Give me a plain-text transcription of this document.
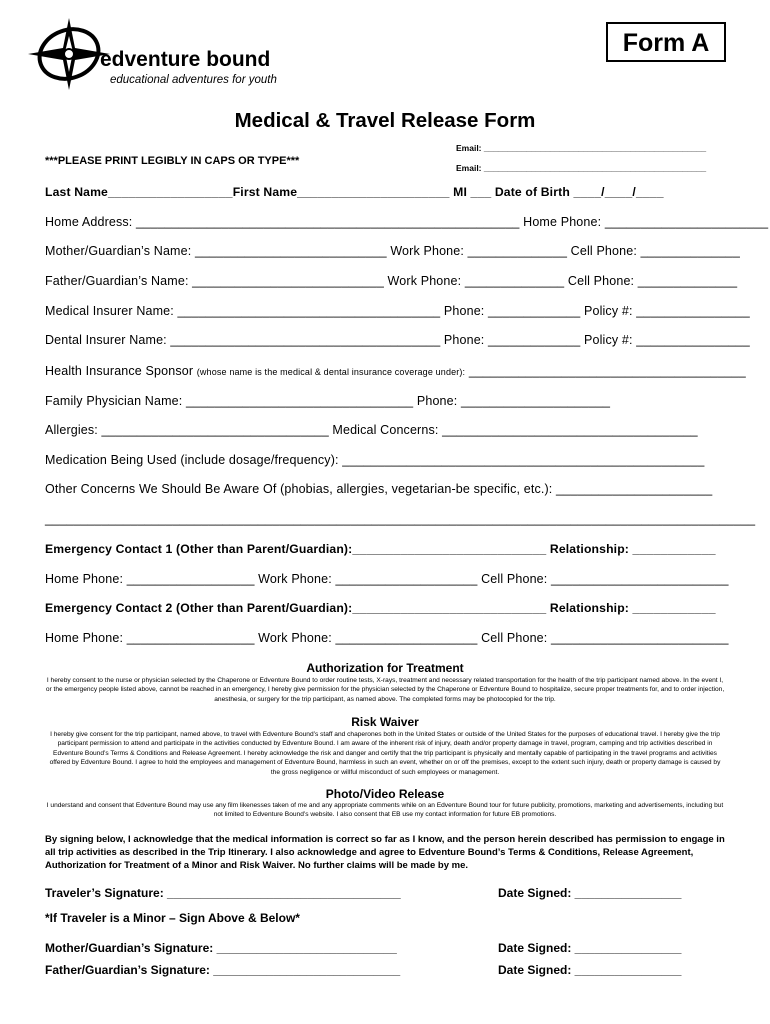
edventure bound
educational adventures for youth
Form A
Medical & Travel Release Form
Email: _______________________________________________
***PLEASE PRINT LEGIBLY IN CAPS OR TYPE***
Email: _______________________________________________
Last Name__________________First Name______________________ MI ___ Date of Birth ____/____/____
Home Address: ______________________________________________________ Home Phone: _______________________
Mother/Guardian’s Name: ___________________________ Work Phone: ______________ Cell Phone: ______________
Father/Guardian’s Name: ___________________________ Work Phone: ______________ Cell Phone: ______________
Medical Insurer Name: _____________________________________ Phone: _____________ Policy #: ________________
Dental Insurer Name: ______________________________________ Phone: _____________ Policy #: ________________
Health Insurance Sponsor (whose name is the medical & dental insurance coverage under): _______________________________________
Family Physician Name: ________________________________ Phone: _____________________
Allergies: ________________________________ Medical Concerns: ____________________________________
Medication Being Used (include dosage/frequency): ___________________________________________________
Other Concerns We Should Be Aware Of (phobias, allergies, vegetarian-be specific, etc.): ______________________
____________________________________________________________________________________________________
Emergency Contact 1 (Other than Parent/Guardian):____________________________ Relationship: ____________
Home Phone: __________________ Work Phone: ____________________ Cell Phone: _________________________
Emergency Contact 2 (Other than Parent/Guardian):____________________________ Relationship: ____________
Home Phone: __________________ Work Phone: ____________________ Cell Phone: _________________________
Authorization for Treatment
I hereby consent to the nurse or physician selected by the Chaperone or Edventure Bound to order routine tests, X-rays, treatment and necessary related transportation for the health of the trip participant named above. In the event I, or the emergency people listed above, cannot be reached in an emergency, I hereby give permission for the physician selected by the Chaperone or Edventure Bound to hospitalize, secure proper treatments for, and to order injection, anesthesia, or surgery for the trip participant, as named above. The completed forms may be photocopied for the trip.
Risk Waiver
I hereby give consent for the trip participant, named above, to travel with Edventure Bound’s staff and chaperones both in the United States or outside of the United States for the purposes of educational travel. I hereby give the trip participant permission to attend and participate in the activities conducted by Edventure Bound. I am aware of the inherent risk of injury, death and/or property damage in travel, program, camping and trip activities described in Edventure Bound’s Terms & Conditions and Release Agreement. I hereby acknowledge the risk and danger and certify that the trip participant is physically and mentally capable of participating in the travel programs and activities offered by Edventure Bound. I agree to hold the employees and management of Edventure Bound, harmless in such an event, whether on or off the premises, except to the extent such injury, death or property damage is caused by the gross negligence or willful misconduct of such employees or management.
Photo/Video Release
I understand and consent that Edventure Bound may use any film likenesses taken of me and any appropriate comments while on an Edventure Bound tour for future publicity, promotions, marketing and advertisements, including but not limited to Edventure Bound’s website. I also consent that EB use my contact information for future EB promotions.
By signing below, I acknowledge that the medical information is correct so far as I know, and the person herein described has permission to engage in all trip activities as described in the Trip Itinerary. I also acknowledge and agree to Edventure Bound’s Terms & Conditions, Release Agreement, Authorization for Treatment of a Minor and Risk Waiver. No further claims will be made by me.
Traveler’s Signature: ___________________________________	Date Signed: ________________
*If Traveler is a Minor – Sign Above & Below*
Mother/Guardian’s Signature: ___________________________	Date Signed: ________________
Father/Guardian’s Signature: ____________________________	Date Signed: ________________
